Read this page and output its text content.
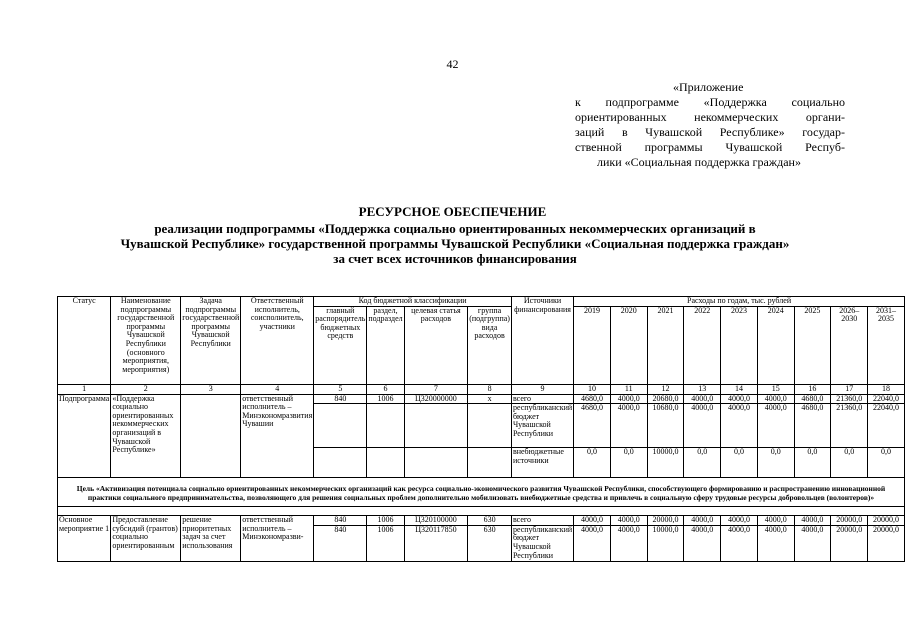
42
«Приложение
к подпрограмме «Поддержка социально
ориентированных некоммерческих органи-
заций в Чувашской Республике» государ-
ственной программы Чувашской Респуб-
лики «Социальная поддержка граждан»
РЕСУРСНОЕ ОБЕСПЕЧЕНИЕ
реализации подпрограммы «Поддержка социально ориентированных некоммерческих организаций в Чувашской Республике» государственной программы Чувашской Республики «Социальная поддержка граждан» за счет всех источников финансирования
Статус	Наименование подпрограммы государственной программы Чувашской Республики (основного мероприятия, мероприятия)	Задача подпрограммы государственной программы Чувашской Республики	Ответственный исполнитель, соисполнитель, участники	Код бюджетной классификации				Источники финансирования	Расходы по годам, тыс. рублей								
				главный распорядитель бюджетных средств	раздел, подраздел	целевая статья расходов	группа (подгруппа) вида расходов		2019	2020	2021	2022	2023	2024	2025	2026–2030	2031–2035
1	2	3	4	5	6	7	8	9	10	11	12	13	14	15	16	17	18
Подпрограмма	«Поддержка социально ориентированных некоммерческих организаций в Чувашской Республике»		ответственный исполнитель – Минэкономразвития Чувашии	840	1006	Ц320000000	x	всего	4680,0	4000,0	20680,0	4000,0	4000,0	4000,0	4680,0	21360,0	22040,0
								республиканский бюджет Чувашской Республики	4680,0	4000,0	10680,0	4000,0	4000,0	4000,0	4680,0	21360,0	22040,0
								внебюджетные источники	0,0	0,0	10000,0	0,0	0,0	0,0	0,0	0,0	0,0
Цель «Активизация потенциала социально ориентированных некоммерческих организаций как ресурса социально-экономического развития Чувашской Республики, способствующего формированию и распространению инновационной практики социального предпринимательства, позволяющего для решения социальных проблем дополнительно мобилизовать внебюджетные средства и привлечь в социальную сферу трудовые ресурсы добровольцев (волонтеров)»																	

Основное мероприятие 1	Предоставление субсидий (грантов) социально ориентированным	решение приоритетных задач за счет использования	ответственный исполнитель – Минэкономразви-	840	1006	Ц320100000	630	всего	4000,0	4000,0	20000,0	4000,0	4000,0	4000,0	4000,0	20000,0	20000,0
				840	1006	Ц320117850	630	республиканский бюджет Чувашской Республики	4000,0	4000,0	10000,0	4000,0	4000,0	4000,0	4000,0	20000,0	20000,0
